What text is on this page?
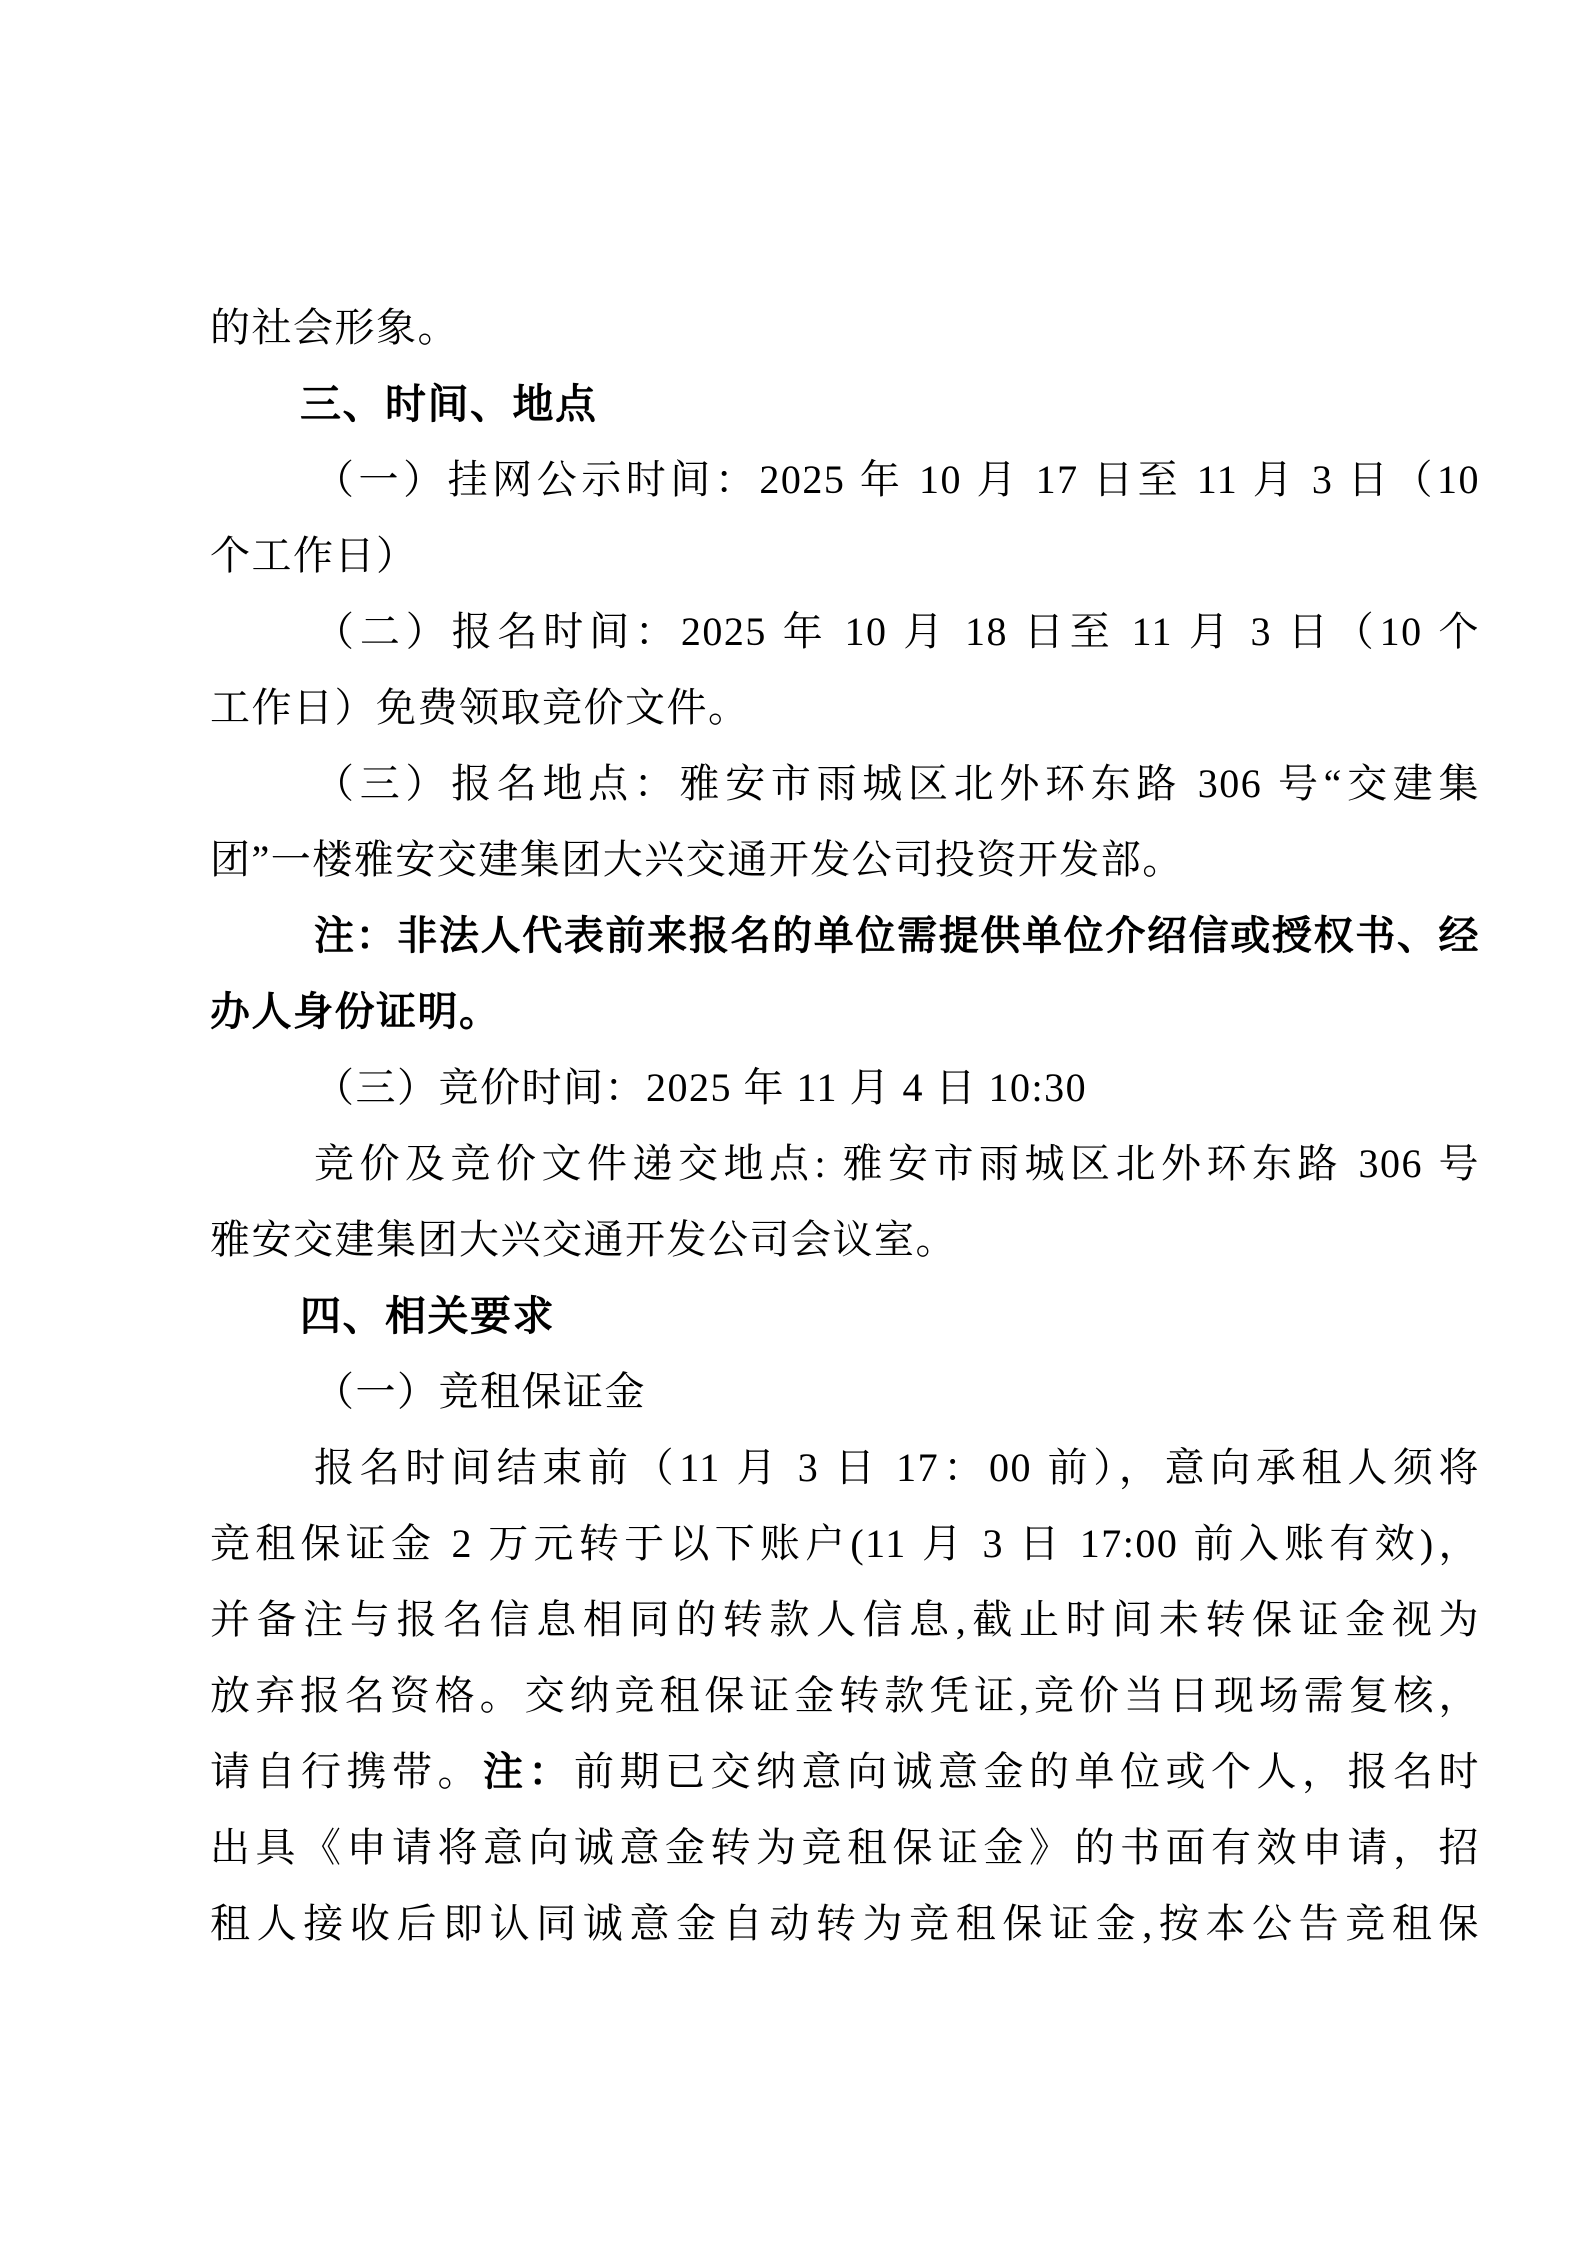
的社会形象。
三、时间、地点
（一）挂网公示时间：2025 年 10 月 17 日至 11 月 3 日（10
个工作日）
（二）报名时间：2025 年 10 月 18 日至 11 月 3 日（10 个
工作日）免费领取竞价文件。
（三）报名地点：雅安市雨城区北外环东路 306 号“交建集
团”一楼雅安交建集团大兴交通开发公司投资开发部。
注：非法人代表前来报名的单位需提供单位介绍信或授权书、经
办人身份证明。
（三）竞价时间：2025 年 11 月 4 日 10:30
竞价及竞价文件递交地点: 雅安市雨城区北外环东路 306 号
雅安交建集团大兴交通开发公司会议室。
四、相关要求
（一）竞租保证金
报名时间结束前（11 月 3 日 17：00 前），意向承租人须将
竞租保证金 2 万元转于以下账户(11 月 3 日 17:00 前入账有效)，
并备注与报名信息相同的转款人信息,截止时间未转保证金视为
放弃报名资格。交纳竞租保证金转款凭证,竞价当日现场需复核，
请自行携带。注：前期已交纳意向诚意金的单位或个人，报名时
出具《申请将意向诚意金转为竞租保证金》的书面有效申请，招
租人接收后即认同诚意金自动转为竞租保证金,按本公告竞租保
